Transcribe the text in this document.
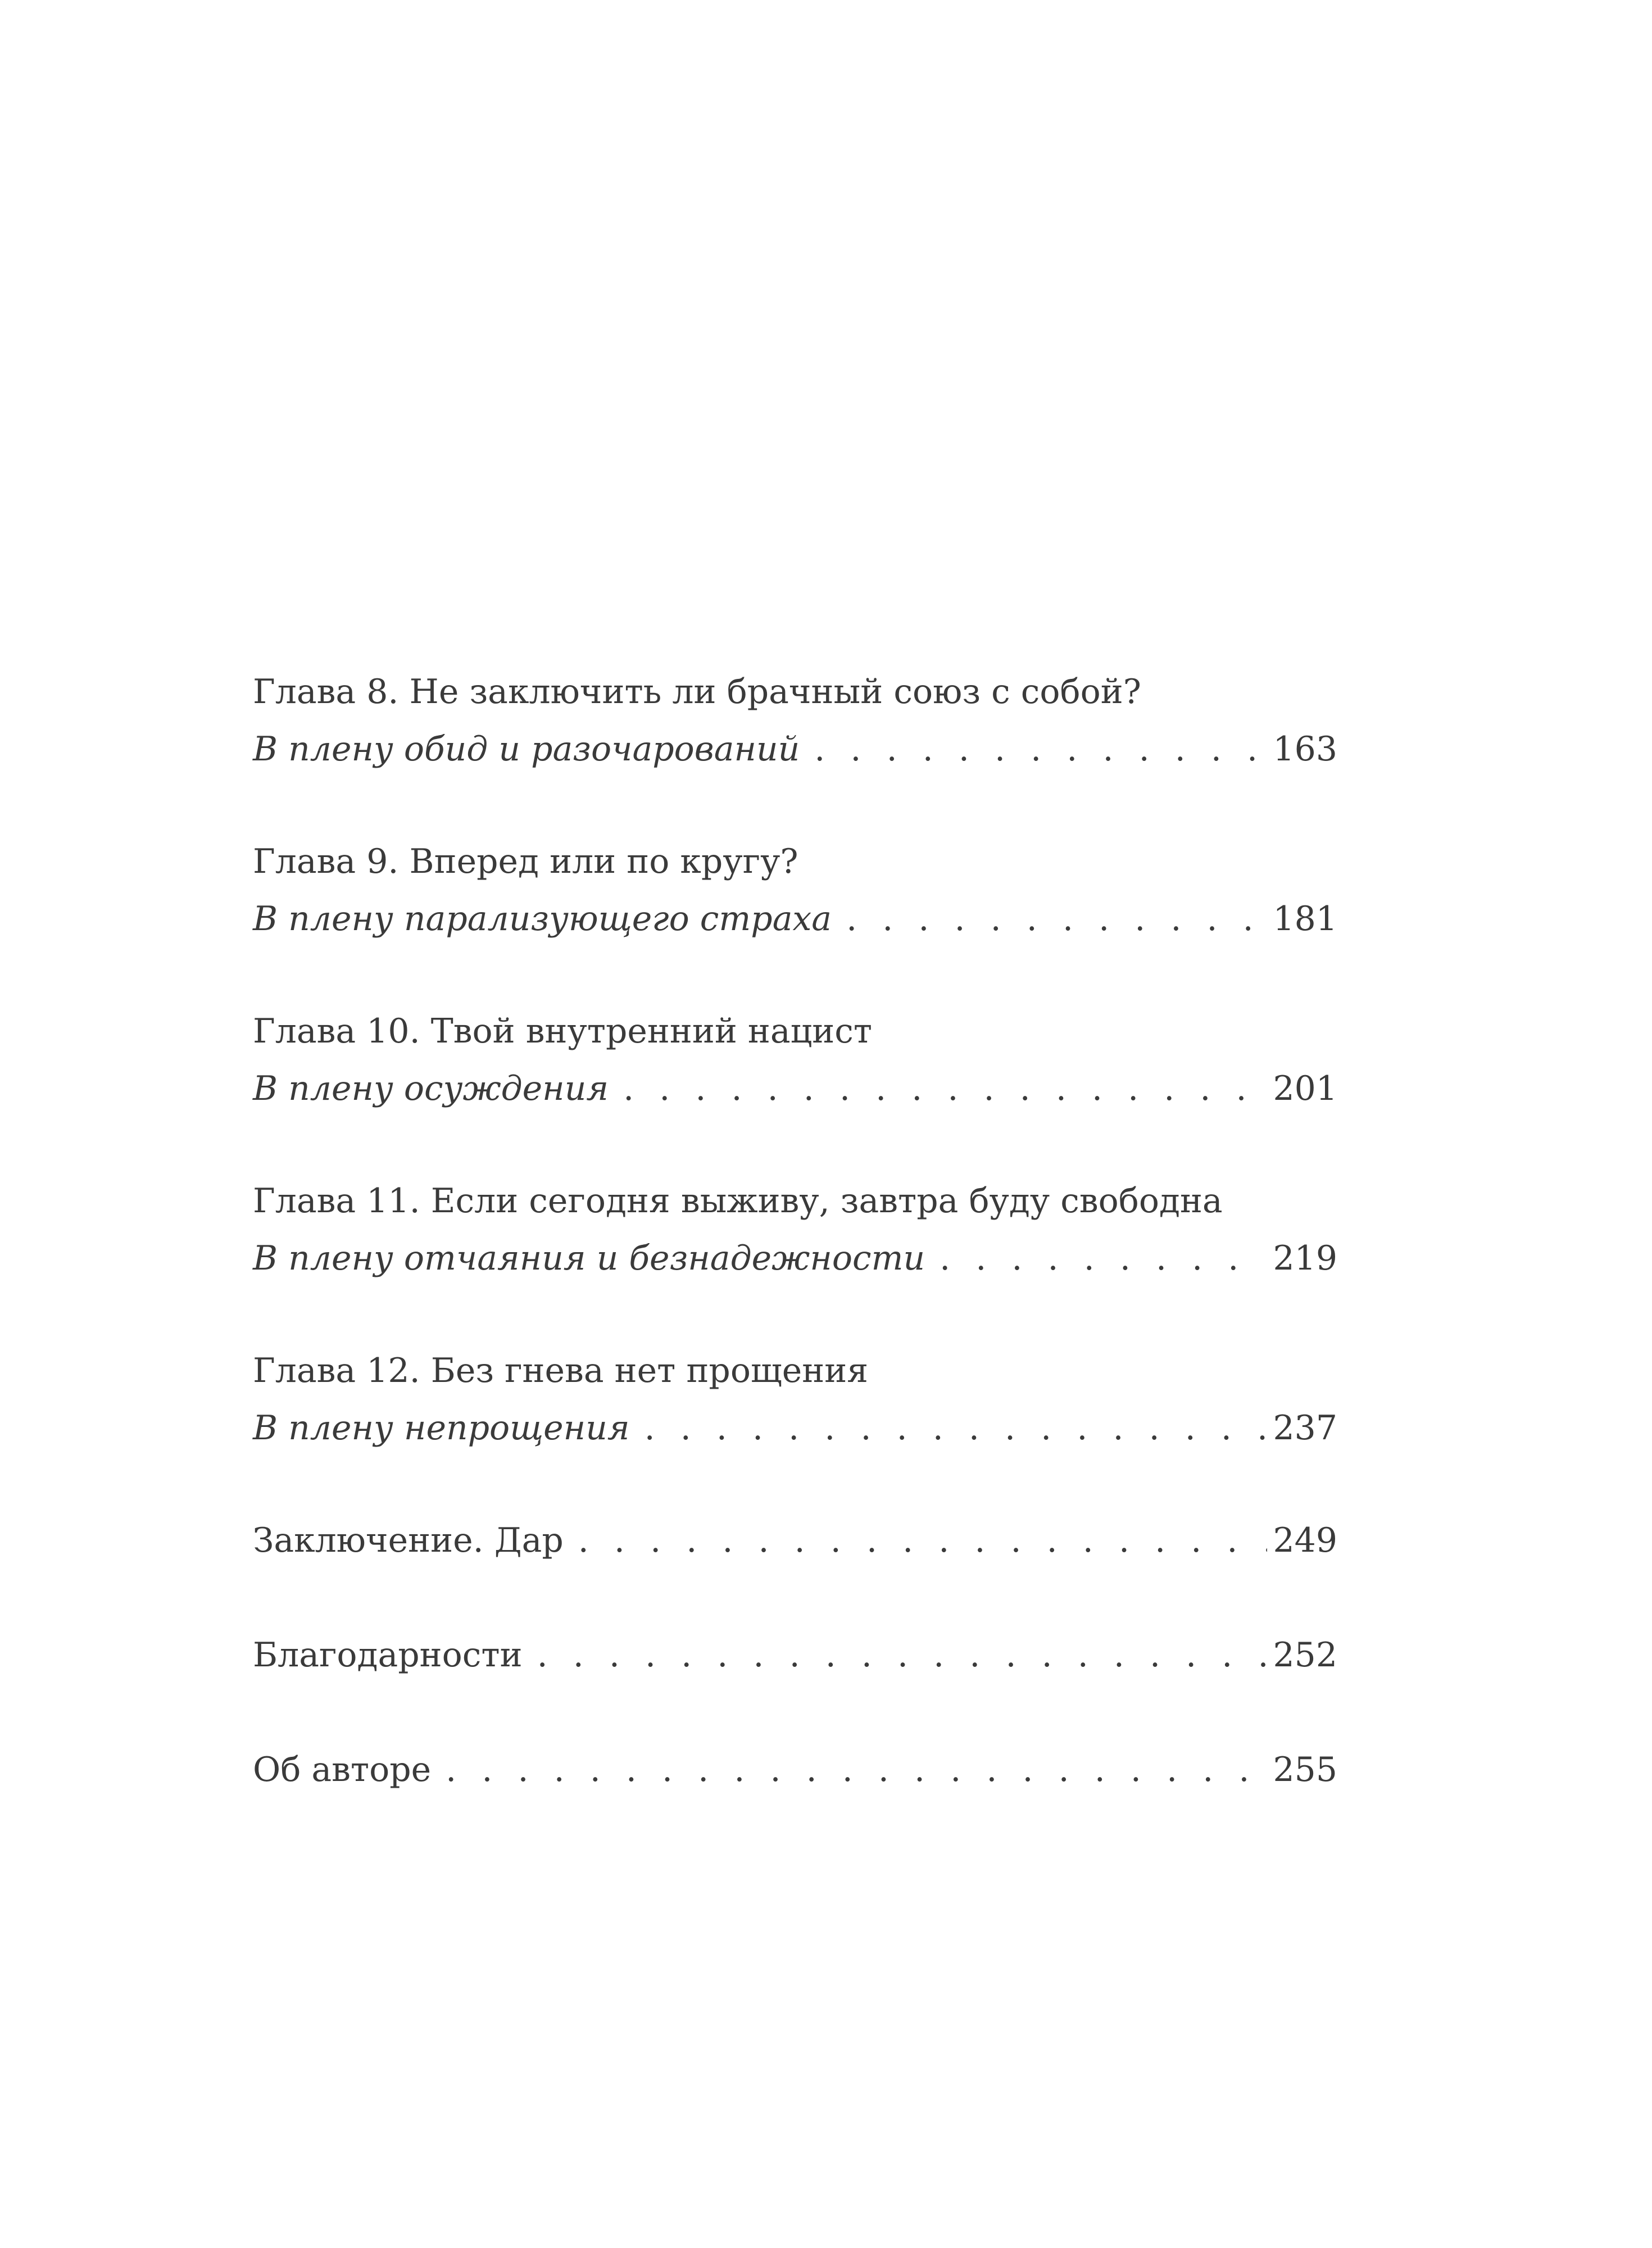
Глава 8. Не заключить ли брачный союз с собой?
В плену обид и разочарований . . .	163
Глава 9. Вперед или по кругу?
В плену парализующего страха . . .	181
Глава 10. Твой внутренний нацист
В плену осуждения . . .	201
Глава 11. Если сегодня выживу, завтра буду свободна
В плену отчаяния и безнадежности . . .	219
Глава 12. Без гнева нет прощения
В плену непрощения . . .	237
Заключение. Дар . . .	249
Благодарности . . .	252
Об авторе . . .	255
